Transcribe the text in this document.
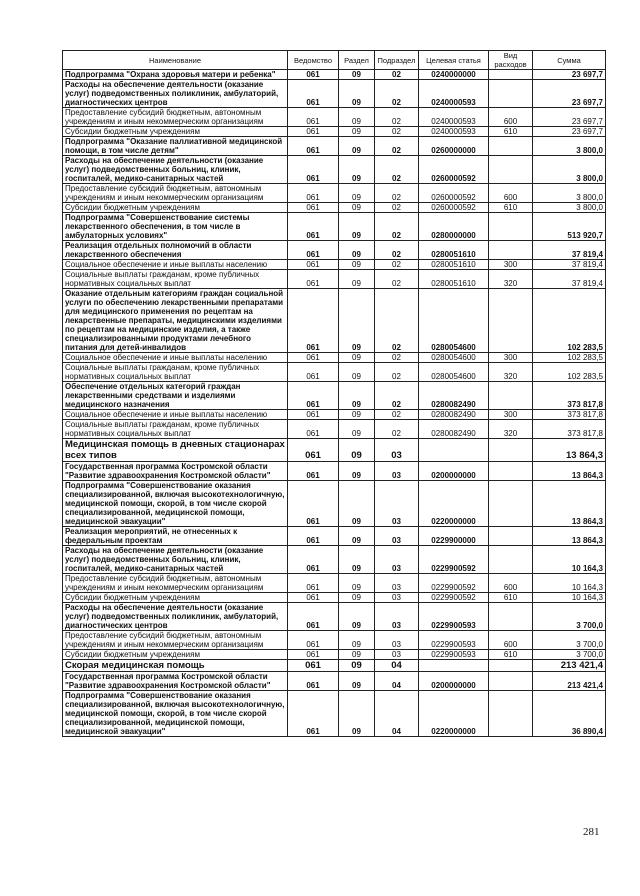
Наименование	Ведомство	Раздел	Подраздел	Целевая статья	Вид расходов	Сумма
Подпрограмма "Охрана здоровья матери и ребенка"	061	09	02	0240000000		23 697,7
Расходы на обеспечение деятельности (оказание услуг) подведомственных поликлиник, амбулаторий, диагностических центров	061	09	02	0240000593		23 697,7
Предоставление субсидий бюджетным, автономным учреждениям и иным некоммерческим организациям	061	09	02	0240000593	600	23 697,7
Субсидии бюджетным учреждениям	061	09	02	0240000593	610	23 697,7
Подпрограмма "Оказание паллиативной медицинской помощи, в том числе детям"	061	09	02	0260000000		3 800,0
Расходы на обеспечение деятельности (оказание услуг) подведомственных больниц, клиник, госпиталей, медико-санитарных частей	061	09	02	0260000592		3 800,0
Предоставление субсидий бюджетным, автономным учреждениям и иным некоммерческим организациям	061	09	02	0260000592	600	3 800,0
Субсидии бюджетным учреждениям	061	09	02	0260000592	610	3 800,0
Подпрограмма "Совершенствование системы лекарственного обеспечения, в том числе в амбулаторных условиях"	061	09	02	0280000000		513 920,7
Реализация отдельных полномочий в области лекарственного обеспечения	061	09	02	0280051610		37 819,4
Социальное обеспечение и иные выплаты населению	061	09	02	0280051610	300	37 819,4
Социальные выплаты гражданам, кроме публичных нормативных социальных выплат	061	09	02	0280051610	320	37 819,4
Оказание отдельным категориям граждан социальной услуги по обеспечению лекарственными препаратами для медицинского применения по рецептам на лекарственные препараты, медицинскими изделиями по рецептам на медицинские изделия, а также специализированными продуктами лечебного питания для детей-инвалидов	061	09	02	0280054600		102 283,5
Социальное обеспечение и иные выплаты населению	061	09	02	0280054600	300	102 283,5
Социальные выплаты гражданам, кроме публичных нормативных социальных выплат	061	09	02	0280054600	320	102 283,5
Обеспечение отдельных категорий граждан лекарственными средствами и изделиями медицинского назначения	061	09	02	0280082490		373 817,8
Социальное обеспечение и иные выплаты населению	061	09	02	0280082490	300	373 817,8
Социальные выплаты гражданам, кроме публичных нормативных социальных выплат	061	09	02	0280082490	320	373 817,8
Медицинская помощь в дневных стационарах всех типов	061	09	03			13 864,3
Государственная программа Костромской области "Развитие здравоохранения Костромской области"	061	09	03	0200000000		13 864,3
Подпрограмма "Совершенствование оказания специализированной, включая высокотехнологичную, медицинской помощи, скорой, в том числе скорой специализированной, медицинской помощи, медицинской эвакуации"	061	09	03	0220000000		13 864,3
Реализация мероприятий, не отнесенных к федеральным проектам	061	09	03	0229900000		13 864,3
Расходы на обеспечение деятельности (оказание услуг) подведомственных больниц, клиник, госпиталей, медико-санитарных частей	061	09	03	0229900592		10 164,3
Предоставление субсидий бюджетным, автономным учреждениям и иным некоммерческим организациям	061	09	03	0229900592	600	10 164,3
Субсидии бюджетным учреждениям	061	09	03	0229900592	610	10 164,3
Расходы на обеспечение деятельности (оказание услуг) подведомственных поликлиник, амбулаторий, диагностических центров	061	09	03	0229900593		3 700,0
Предоставление субсидий бюджетным, автономным учреждениям и иным некоммерческим организациям	061	09	03	0229900593	600	3 700,0
Субсидии бюджетным учреждениям	061	09	03	0229900593	610	3 700,0
Скорая медицинская помощь	061	09	04			213 421,4
Государственная программа Костромской области "Развитие здравоохранения Костромской области"	061	09	04	0200000000		213 421,4
Подпрограмма "Совершенствование оказания специализированной, включая высокотехнологичную, медицинской помощи, скорой, в том числе скорой специализированной, медицинской помощи, медицинской эвакуации"	061	09	04	0220000000		36 890,4
281
